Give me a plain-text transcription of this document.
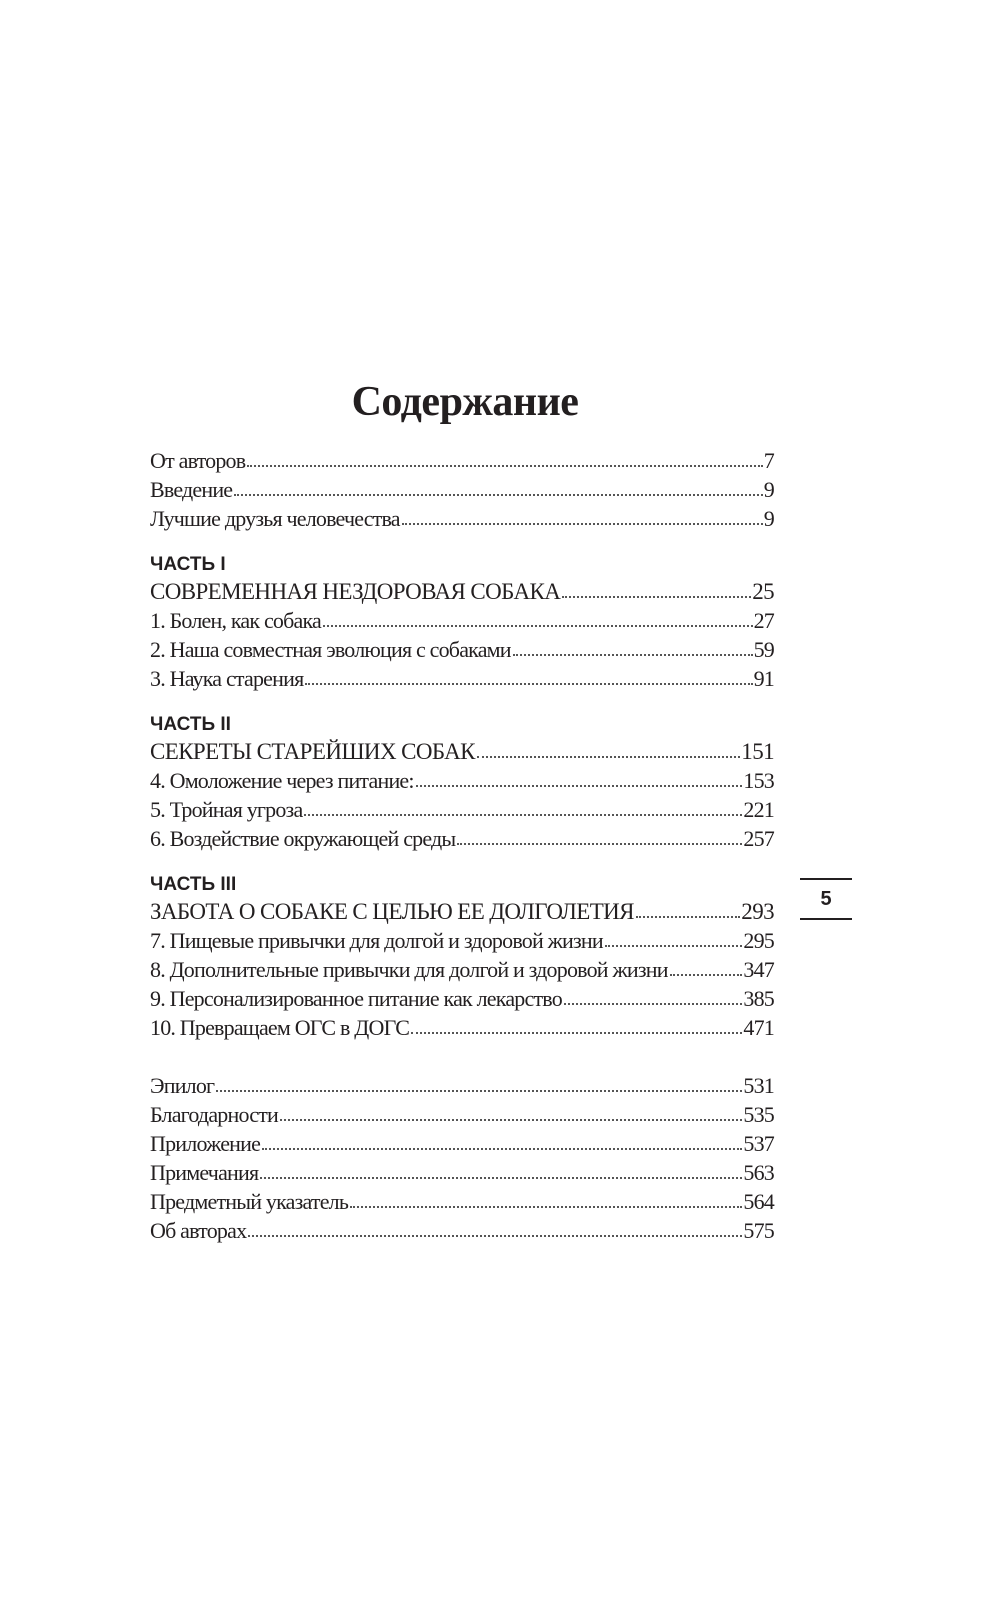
Содержание
От авторов	7
Введение	9
Лучшие друзья человечества	9
ЧАСТЬ I
СОВРЕМЕННАЯ НЕЗДОРОВАЯ СОБАКА	25
1. Болен, как собака	27
2. Наша совместная эволюция с собаками	59
3. Наука старения	91
ЧАСТЬ II
СЕКРЕТЫ СТАРЕЙШИХ СОБАК	151
4. Омоложение через питание:	153
5. Тройная угроза	221
6. Воздействие окружающей среды	257
ЧАСТЬ III
ЗАБОТА О СОБАКЕ С ЦЕЛЬЮ ЕЕ ДОЛГОЛЕТИЯ	293
7. Пищевые привычки для долгой и здоровой жизни	295
8. Дополнительные привычки для долгой и здоровой жизни	347
9. Персонализированное питание как лекарство	385
10. Превращаем ОГС в ДОГС	471
Эпилог	531
Благодарности	535
Приложение	537
Примечания	563
Предметный указатель	564
Об авторах	575
5
